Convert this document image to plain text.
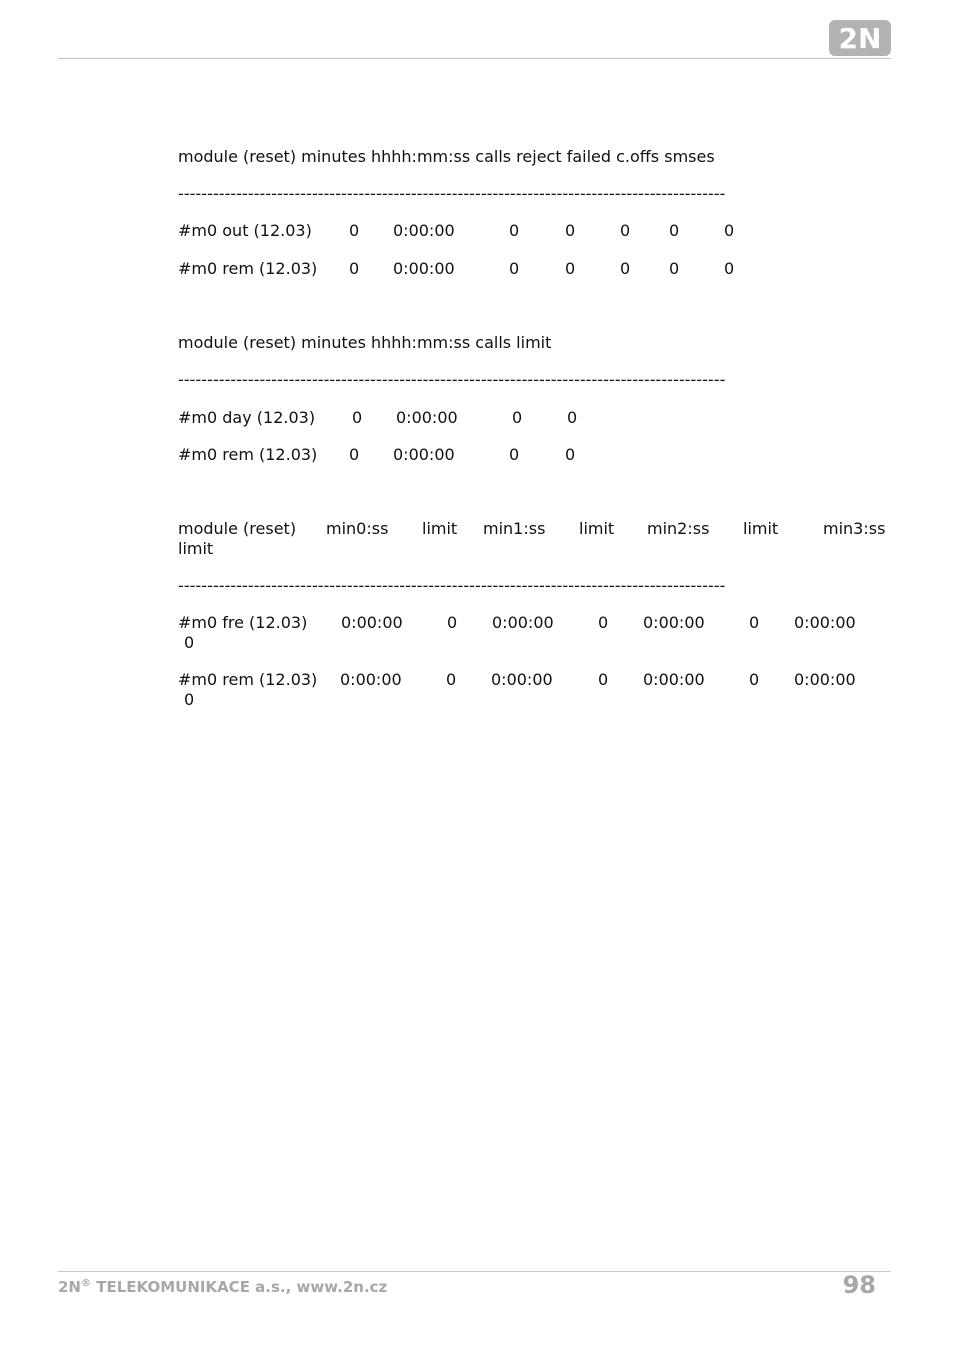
2N
module (reset) minutes hhhh:mm:ss calls reject failed c.offs smses
----------------------------------------------------------------------------------------------
#m0 out (12.03) 0 0:00:00	0	0	0 0	0
#m0 rem (12.03) 0 0:00:00	0	0	0 0	0
module (reset) minutes hhhh:mm:ss calls limit
----------------------------------------------------------------------------------------------
#m0 day (12.03) 0 0:00:00	0	0
#m0 rem (12.03) 0 0:00:00	0	0
module (reset) min0:ss limit min1:ss limit min2:ss limit	min3:ss
limit
----------------------------------------------------------------------------------------------
#m0 fre (12.03) 0:00:00	0 0:00:00	0 0:00:00	0 0:00:00
0
#m0 rem (12.03) 0:00:00	0 0:00:00	0 0:00:00	0 0:00:00
0
2N® TELEKOMUNIKACE a.s., www.2n.cz	98
